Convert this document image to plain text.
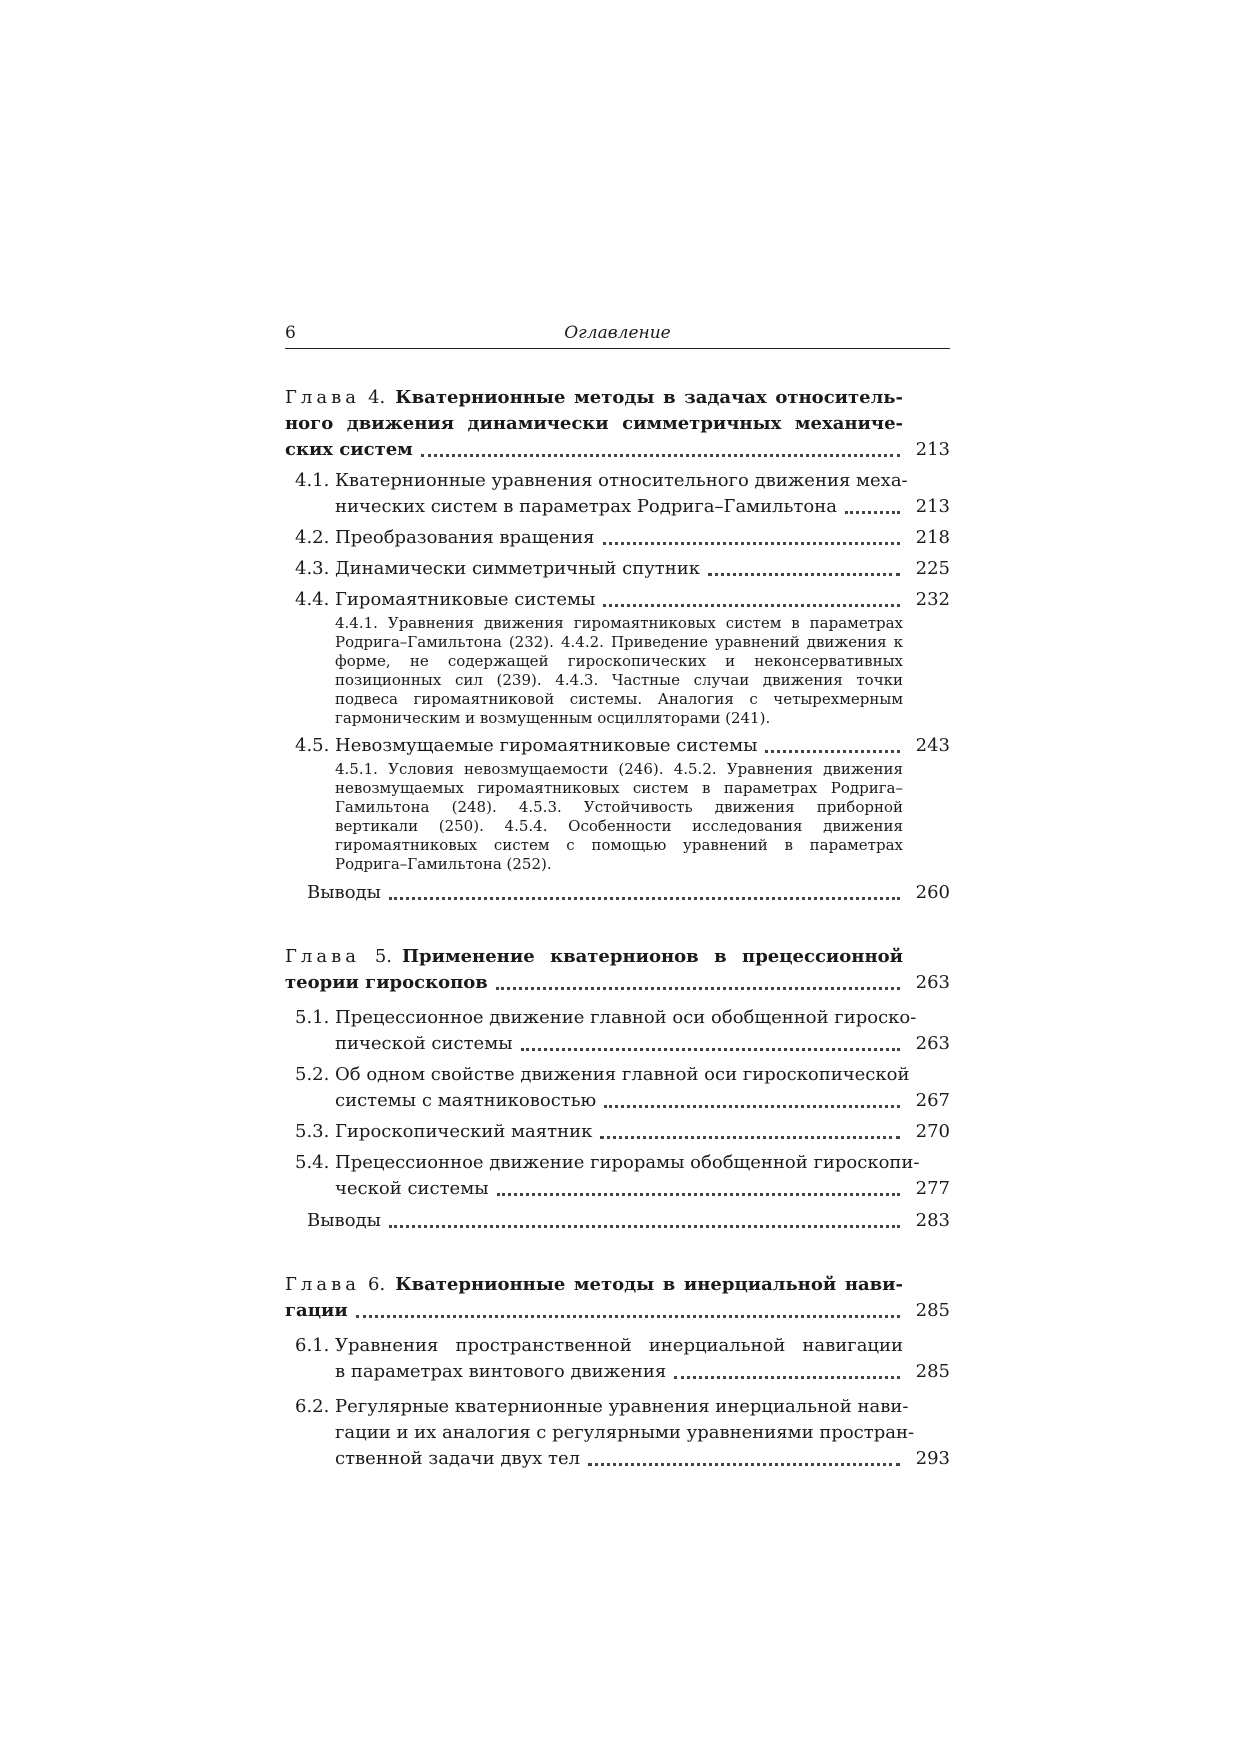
6	Оглавление
Глава 4. Кватернионные методы в задачах относитель-
ного движения динамически симметричных механиче-
ских систем	213
4.1. Кватернионные уравнения относительного движения меха-
нических систем в параметрах Родрига–Гамильтона	213
4.2. Преобразования вращения	218
4.3. Динамически симметричный спутник	225
4.4. Гиромаятниковые системы	232
4.4.1. Уравнения движения гиромаятниковых систем в параметрах Родрига–Гамильтона (232). 4.4.2. Приведение уравнений движения к форме, не содержащей гироскопических и неконсервативных позиционных сил (239). 4.4.3. Частные случаи движения точки подвеса гиромаятниковой системы. Аналогия с четырехмерным гармоническим и возмущенным осцилляторами (241).
4.5. Невозмущаемые гиромаятниковые системы	243
4.5.1. Условия невозмущаемости (246). 4.5.2. Уравнения движения невозмущаемых гиромаятниковых систем в параметрах Родрига–Гамильтона (248). 4.5.3. Устойчивость движения приборной вертикали (250). 4.5.4. Особенности исследования движения гиромаятниковых систем с помощью уравнений в параметрах Родрига–Гамильтона (252).
Выводы	260
Глава 5. Применение кватернионов в прецессионной
теории гироскопов	263
5.1. Прецессионное движение главной оси обобщенной гироско-
пической системы	263
5.2. Об одном свойстве движения главной оси гироскопической
системы с маятниковостью	267
5.3. Гироскопический маятник	270
5.4. Прецессионное движение гирорамы обобщенной гироскопи-
ческой системы	277
Выводы	283
Глава 6. Кватернионные методы в инерциальной нави-
гации	285
6.1. Уравнения пространственной инерциальной навигации
в параметрах винтового движения	285
6.2. Регулярные кватернионные уравнения инерциальной нави-
гации и их аналогия с регулярными уравнениями простран-
ственной задачи двух тел	293
